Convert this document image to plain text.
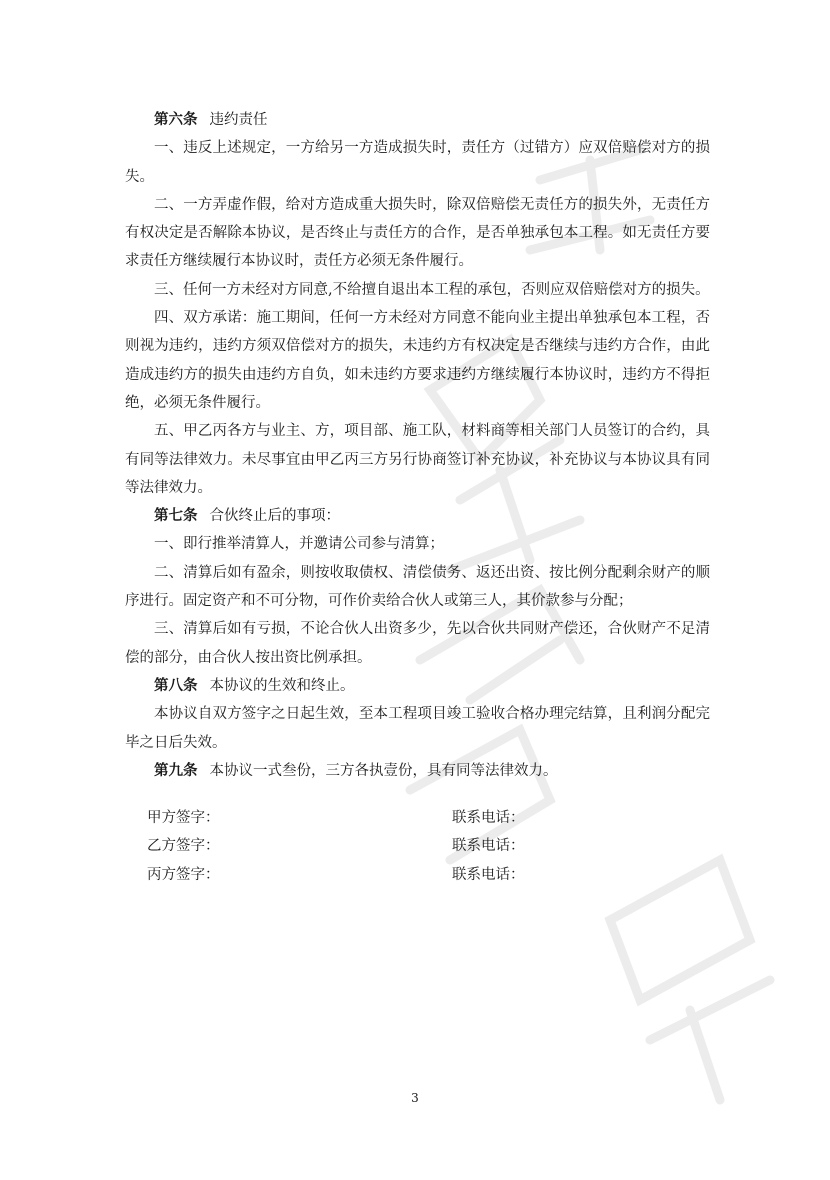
第六条 违约责任

一、违反上述规定，一方给另一方造成损失时，责任方（过错方）应双倍赔偿对方的损失。

二、一方弄虚作假，给对方造成重大损失时，除双倍赔偿无责任方的损失外，无责任方有权决定是否解除本协议，是否终止与责任方的合作，是否单独承包本工程。如无责任方要求责任方继续履行本协议时，责任方必须无条件履行。

三、任何一方未经对方同意,不给擅自退出本工程的承包，否则应双倍赔偿对方的损失。

四、双方承诺：施工期间，任何一方未经对方同意不能向业主提出单独承包本工程，否则视为违约，违约方须双倍偿对方的损失，未违约方有权决定是否继续与违约方合作，由此造成违约方的损失由违约方自负，如未违约方要求违约方继续履行本协议时，违约方不得拒绝，必须无条件履行。

五、甲乙丙各方与业主、方，项目部、施工队，材料商等相关部门人员签订的合约，具有同等法律效力。未尽事宜由甲乙丙三方另行协商签订补充协议，补充协议与本协议具有同等法律效力。

第七条 合伙终止后的事项：

一、即行推举清算人，并邀请公司参与清算；

二、清算后如有盈余，则按收取债权、清偿债务、返还出资、按比例分配剩余财产的顺序进行。固定资产和不可分物，可作价卖给合伙人或第三人，其价款参与分配；

三、清算后如有亏损，不论合伙人出资多少，先以合伙共同财产偿还，合伙财产不足清偿的部分，由合伙人按出资比例承担。

第八条 本协议的生效和终止。

本协议自双方签字之日起生效，至本工程项目竣工验收合格办理完结算，且利润分配完毕之日后失效。

第九条 本协议一式叁份，三方各执壹份，具有同等法律效力。

甲方签字：	联系电话：
乙方签字：	联系电话：
丙方签字：	联系电话：
3
